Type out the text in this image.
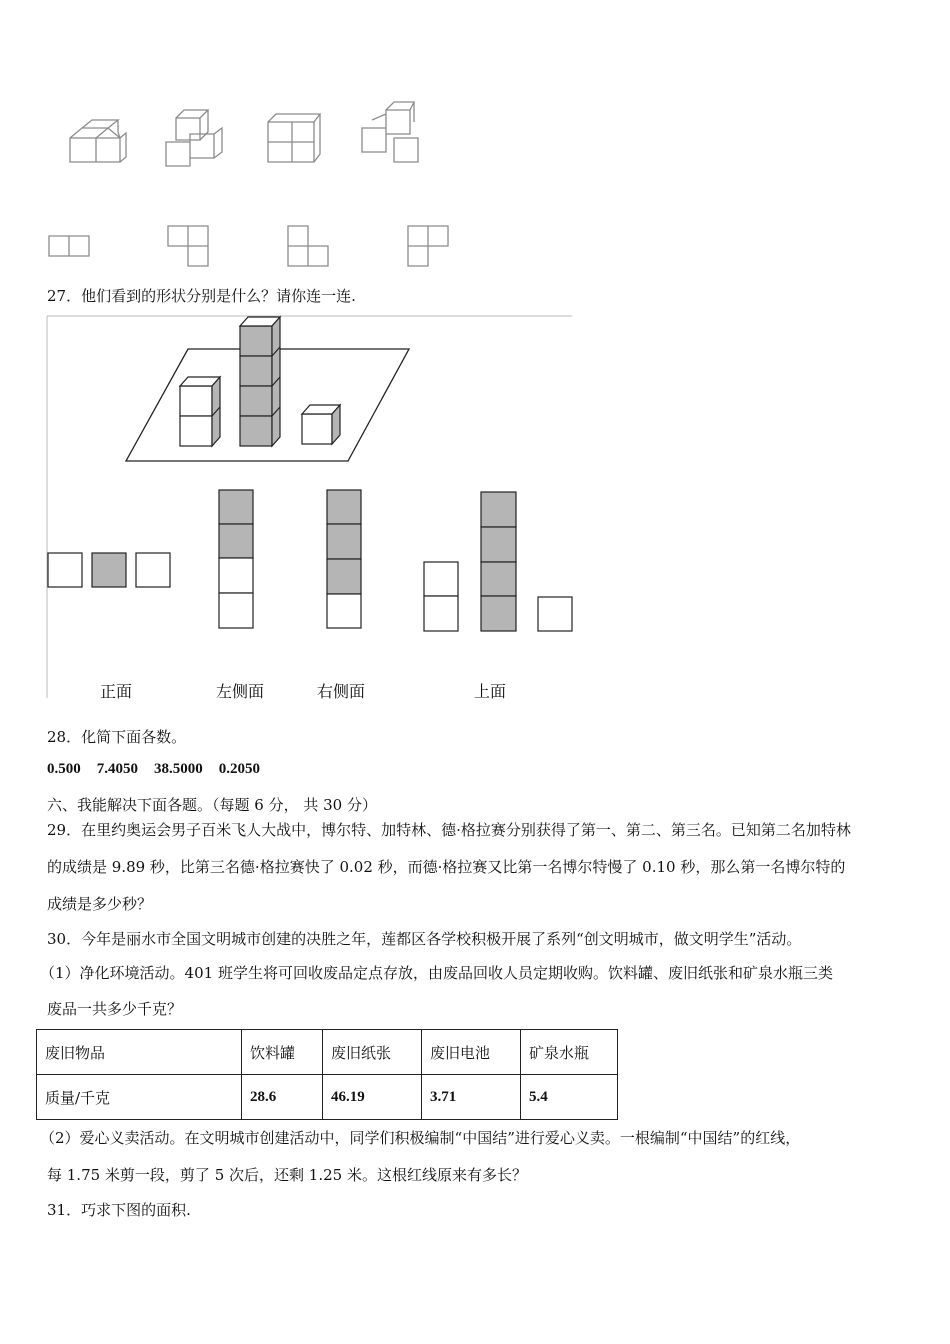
27．他们看到的形状分别是什么？请你连一连.
正面	左侧面	右侧面	上面
28．化简下面各数。
0.500 7.4050 38.5000 0.2050
六、我能解决下面各题。（每题 6 分， 共 30 分）
29．在里约奥运会男子百米飞人大战中，博尔特、加特林、德·格拉赛分别获得了第一、第二、第三名。已知第二名加特林
的成绩是 9.89 秒，比第三名德·格拉赛快了 0.02 秒，而德·格拉赛又比第一名博尔特慢了 0.10 秒，那么第一名博尔特的
成绩是多少秒？
30．今年是丽水市全国文明城市创建的决胜之年，莲都区各学校积极开展了系列“创文明城市，做文明学生”活动。
（1）净化环境活动。401 班学生将可回收废品定点存放，由废品回收人员定期收购。饮料罐、废旧纸张和矿泉水瓶三类
废品一共多少千克？
废旧物品	饮料罐	废旧纸张	废旧电池	矿泉水瓶
质量/千克	28.6	46.19	3.71	5.4
（2）爱心义卖活动。在文明城市创建活动中，同学们积极编制“中国结”进行爱心义卖。一根编制“中国结”的红线，
每 1.75 米剪一段，剪了 5 次后，还剩 1.25 米。这根红线原来有多长？
31．巧求下图的面积.
